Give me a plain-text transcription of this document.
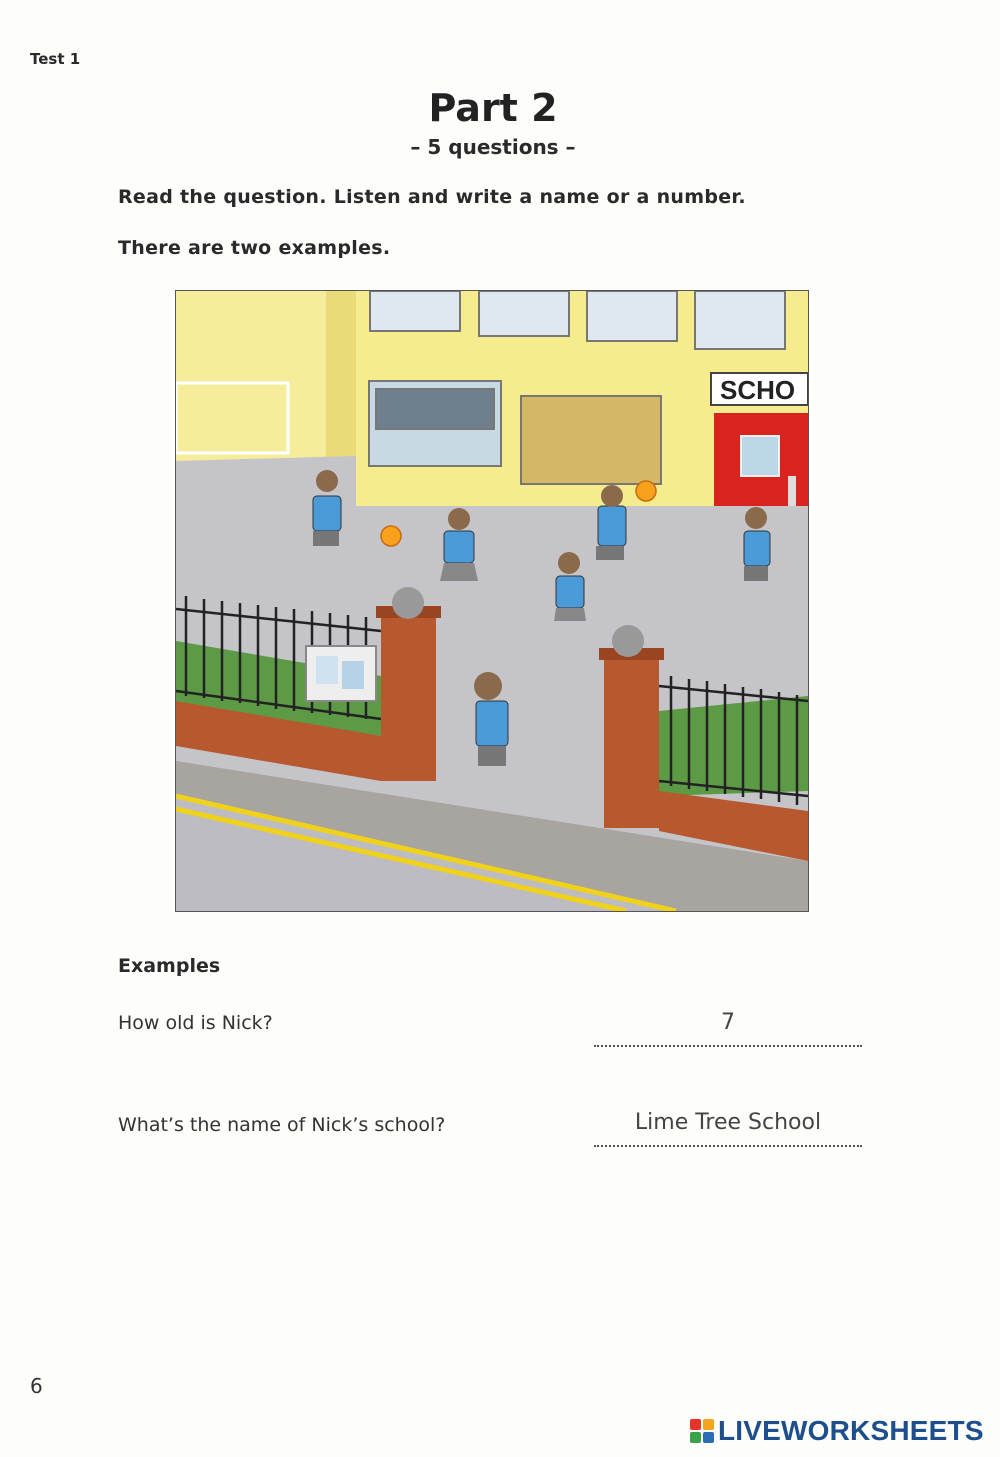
Test 1
Part 2
– 5 questions –
Read the question. Listen and write a name or a number.
There are two examples.
SCHO
Examples
How old is Nick?	7
What’s the name of Nick’s school?	Lime Tree School
6
LIVEWORKSHEETS
